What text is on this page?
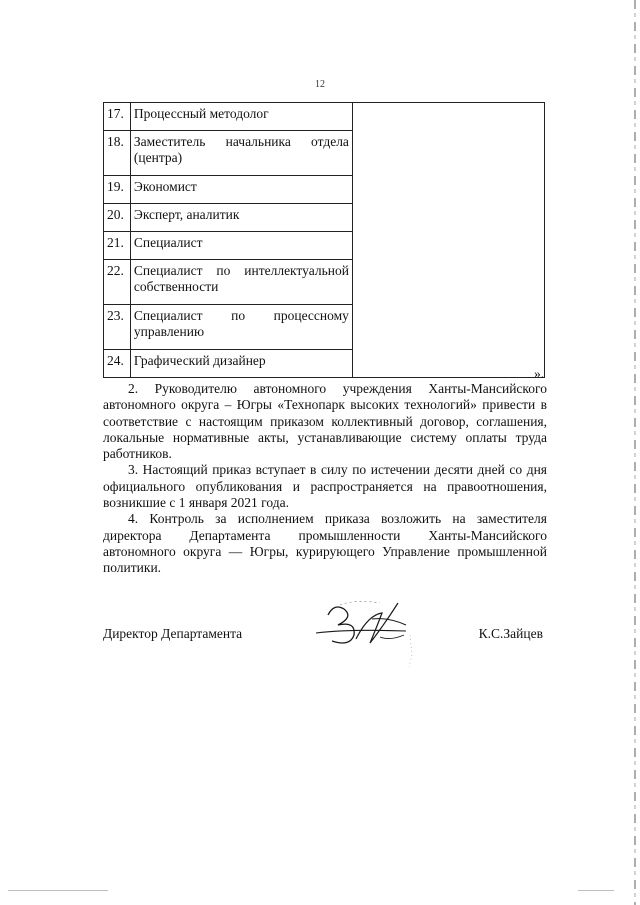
12
17.	Процессный методолог	
18.	Заместитель начальника отдела (центра)	
19.	Экономист	
20.	Эксперт, аналитик	
21.	Специалист	
22.	Специалист по интеллектуальной собственности	
23.	Специалист по процессному управлению	
24.	Графический дизайнер	
».

2. Руководителю автономного учреждения Ханты-Мансийского автономного округа – Югры «Технопарк высоких технологий» привести в соответствие с настоящим приказом коллективный договор, соглашения, локальные нормативные акты, устанавливающие систему оплаты труда работников.

3. Настоящий приказ вступает в силу по истечении десяти дней со дня официального опубликования и распространяется на правоотношения, возникшие с 1 января 2021 года.

4. Контроль за исполнением приказа возложить на заместителя директора Департамента промышленности Ханты-Мансийского автономного округа — Югры, курирующего Управление промышленной политики.

Директор Департамента	К.С.Зайцев
